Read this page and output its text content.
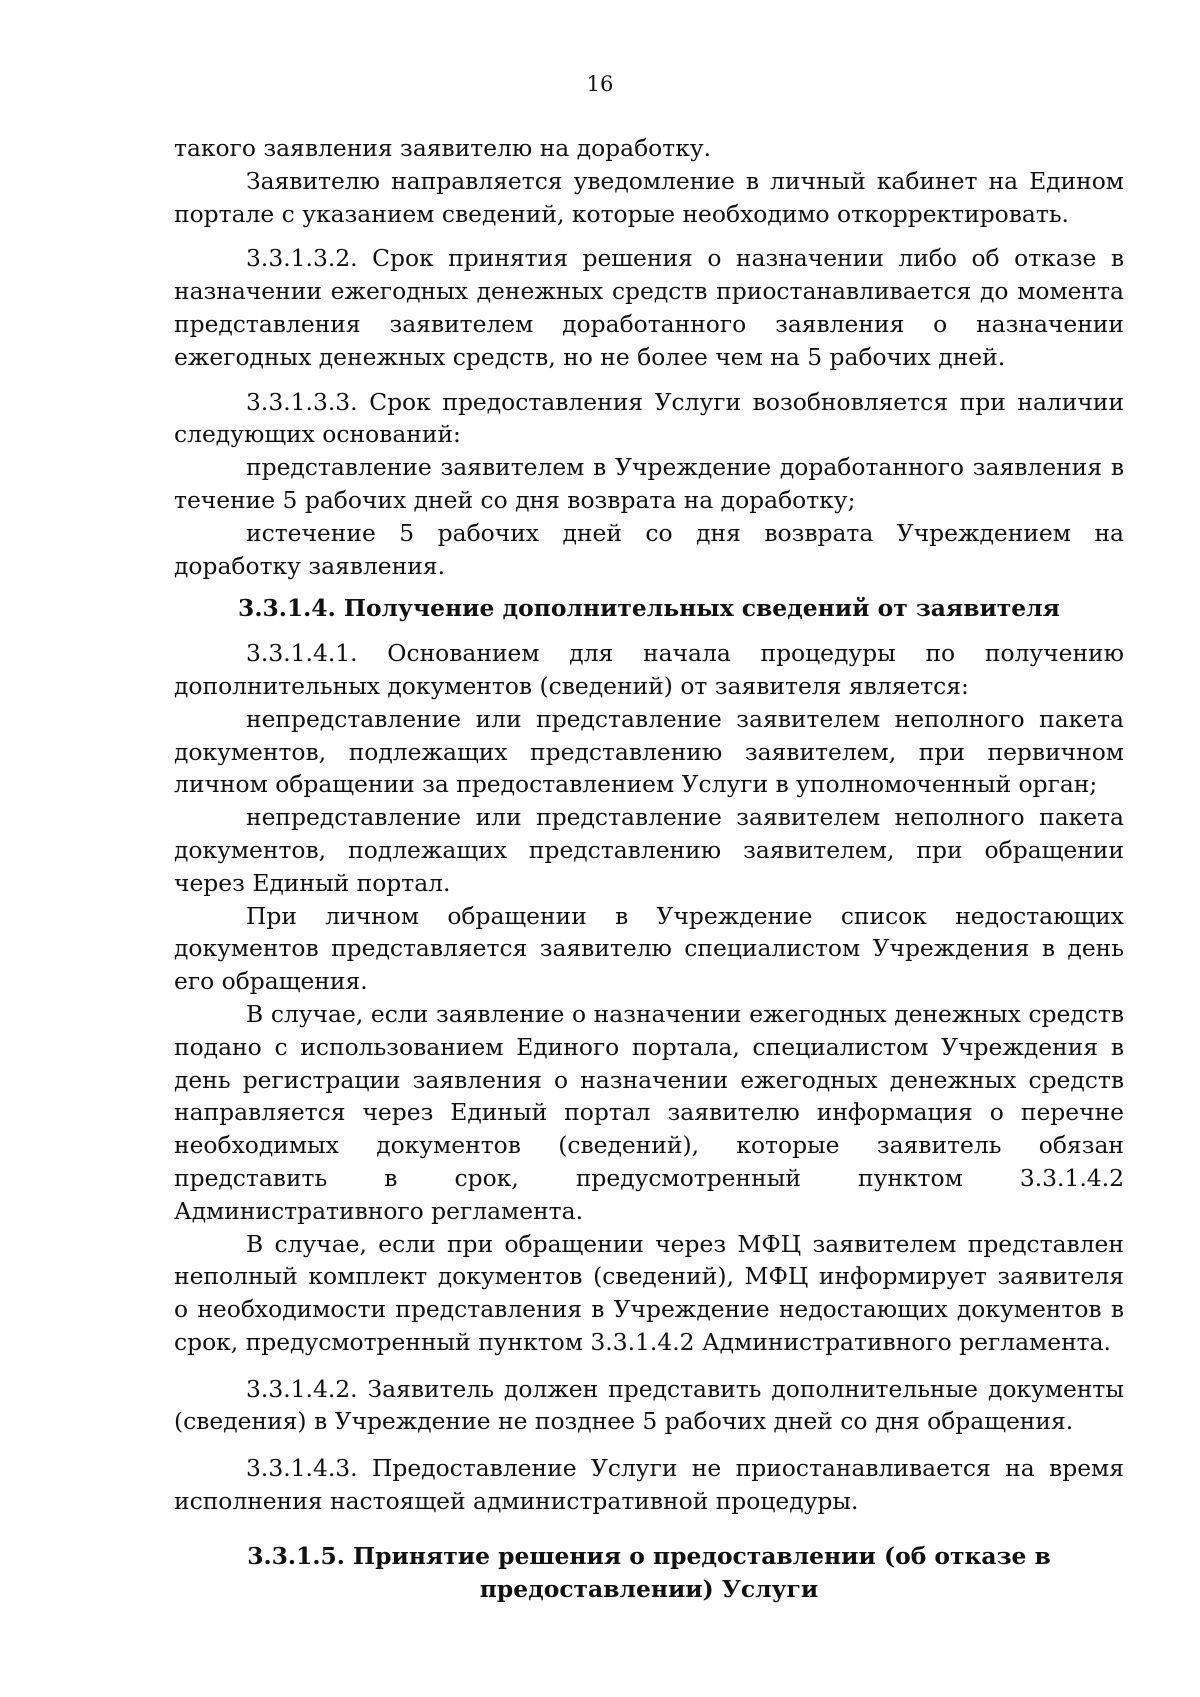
16

такого заявления заявителю на доработку.

Заявителю направляется уведомление в личный кабинет на Едином портале с указанием сведений, которые необходимо откорректировать.

3.3.1.3.2. Срок принятия решения о назначении либо об отказе в назначении ежегодных денежных средств приостанавливается до момента представления заявителем доработанного заявления о назначении ежегодных денежных средств, но не более чем на 5 рабочих дней.

3.3.1.3.3. Срок предоставления Услуги возобновляется при наличии следующих оснований:

представление заявителем в Учреждение доработанного заявления в течение 5 рабочих дней со дня возврата на доработку;

истечение 5 рабочих дней со дня возврата Учреждением на доработку заявления.

3.3.1.4. Получение дополнительных сведений от заявителя

3.3.1.4.1. Основанием для начала процедуры по получению дополнительных документов (сведений) от заявителя является:

непредставление или представление заявителем неполного пакета документов, подлежащих представлению заявителем, при первичном личном обращении за предоставлением Услуги в уполномоченный орган;

непредставление или представление заявителем неполного пакета документов, подлежащих представлению заявителем, при обращении через Единый портал.

При личном обращении в Учреждение список недостающих документов представляется заявителю специалистом Учреждения в день его обращения.

В случае, если заявление о назначении ежегодных денежных средств подано с использованием Единого портала, специалистом Учреждения в день регистрации заявления о назначении ежегодных денежных средств направляется через Единый портал заявителю информация о перечне необходимых документов (сведений), которые заявитель обязан представить в срок, предусмотренный пунктом 3.3.1.4.2 Административного регламента.

В случае, если при обращении через МФЦ заявителем представлен неполный комплект документов (сведений), МФЦ информирует заявителя о необходимости представления в Учреждение недостающих документов в срок, предусмотренный пунктом 3.3.1.4.2 Административного регламента.

3.3.1.4.2. Заявитель должен представить дополнительные документы (сведения) в Учреждение не позднее 5 рабочих дней со дня обращения.

3.3.1.4.3. Предоставление Услуги не приостанавливается на время исполнения настоящей административной процедуры.

3.3.1.5. Принятие решения о предоставлении (об отказе в
предоставлении) Услуги
